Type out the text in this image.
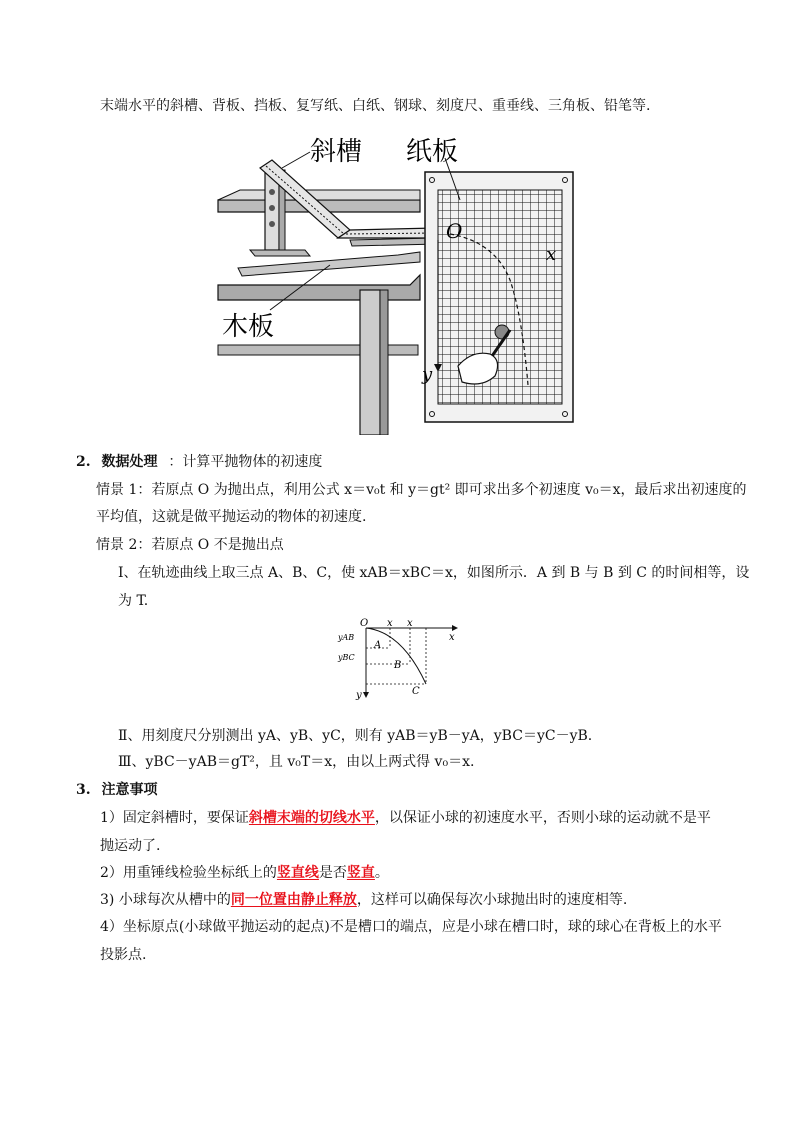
末端水平的斜槽、背板、挡板、复写纸、白纸、钢球、刻度尺、重垂线、三角板、铅笔等.
斜槽 纸板
木板
O
x
y
2. 数据处理 ：计算平抛物体的初速度
情景 1：若原点 O 为抛出点，利用公式 x＝v₀t 和 y＝gt² 即可求出多个初速度 v₀＝x，最后求出初速度的
平均值，这就是做平抛运动的物体的初速度.
情景 2：若原点 O 不是抛出点
Ⅰ、在轨迹曲线上取三点 A、B、C，使 xAB＝xBC＝x，如图所示．A 到 B 与 B 到 C 的时间相等，设
为 T.
O x x
x
y
A
B
C
yAB
yBC
Ⅱ、用刻度尺分别测出 yA、yB、yC，则有 yAB＝yB－yA，yBC＝yC－yB.
Ⅲ、yBC－yAB＝gT²，且 v₀T＝x，由以上两式得 v₀＝x.
3. 注意事项
1）固定斜槽时，要保证斜槽末端的切线水平，以保证小球的初速度水平，否则小球的运动就不是平
抛运动了.
2）用重锤线检验坐标纸上的竖直线是否竖直。
3) 小球每次从槽中的同一位置由静止释放，这样可以确保每次小球抛出时的速度相等.
4）坐标原点(小球做平抛运动的起点)不是槽口的端点，应是小球在槽口时，球的球心在背板上的水平
投影点.
